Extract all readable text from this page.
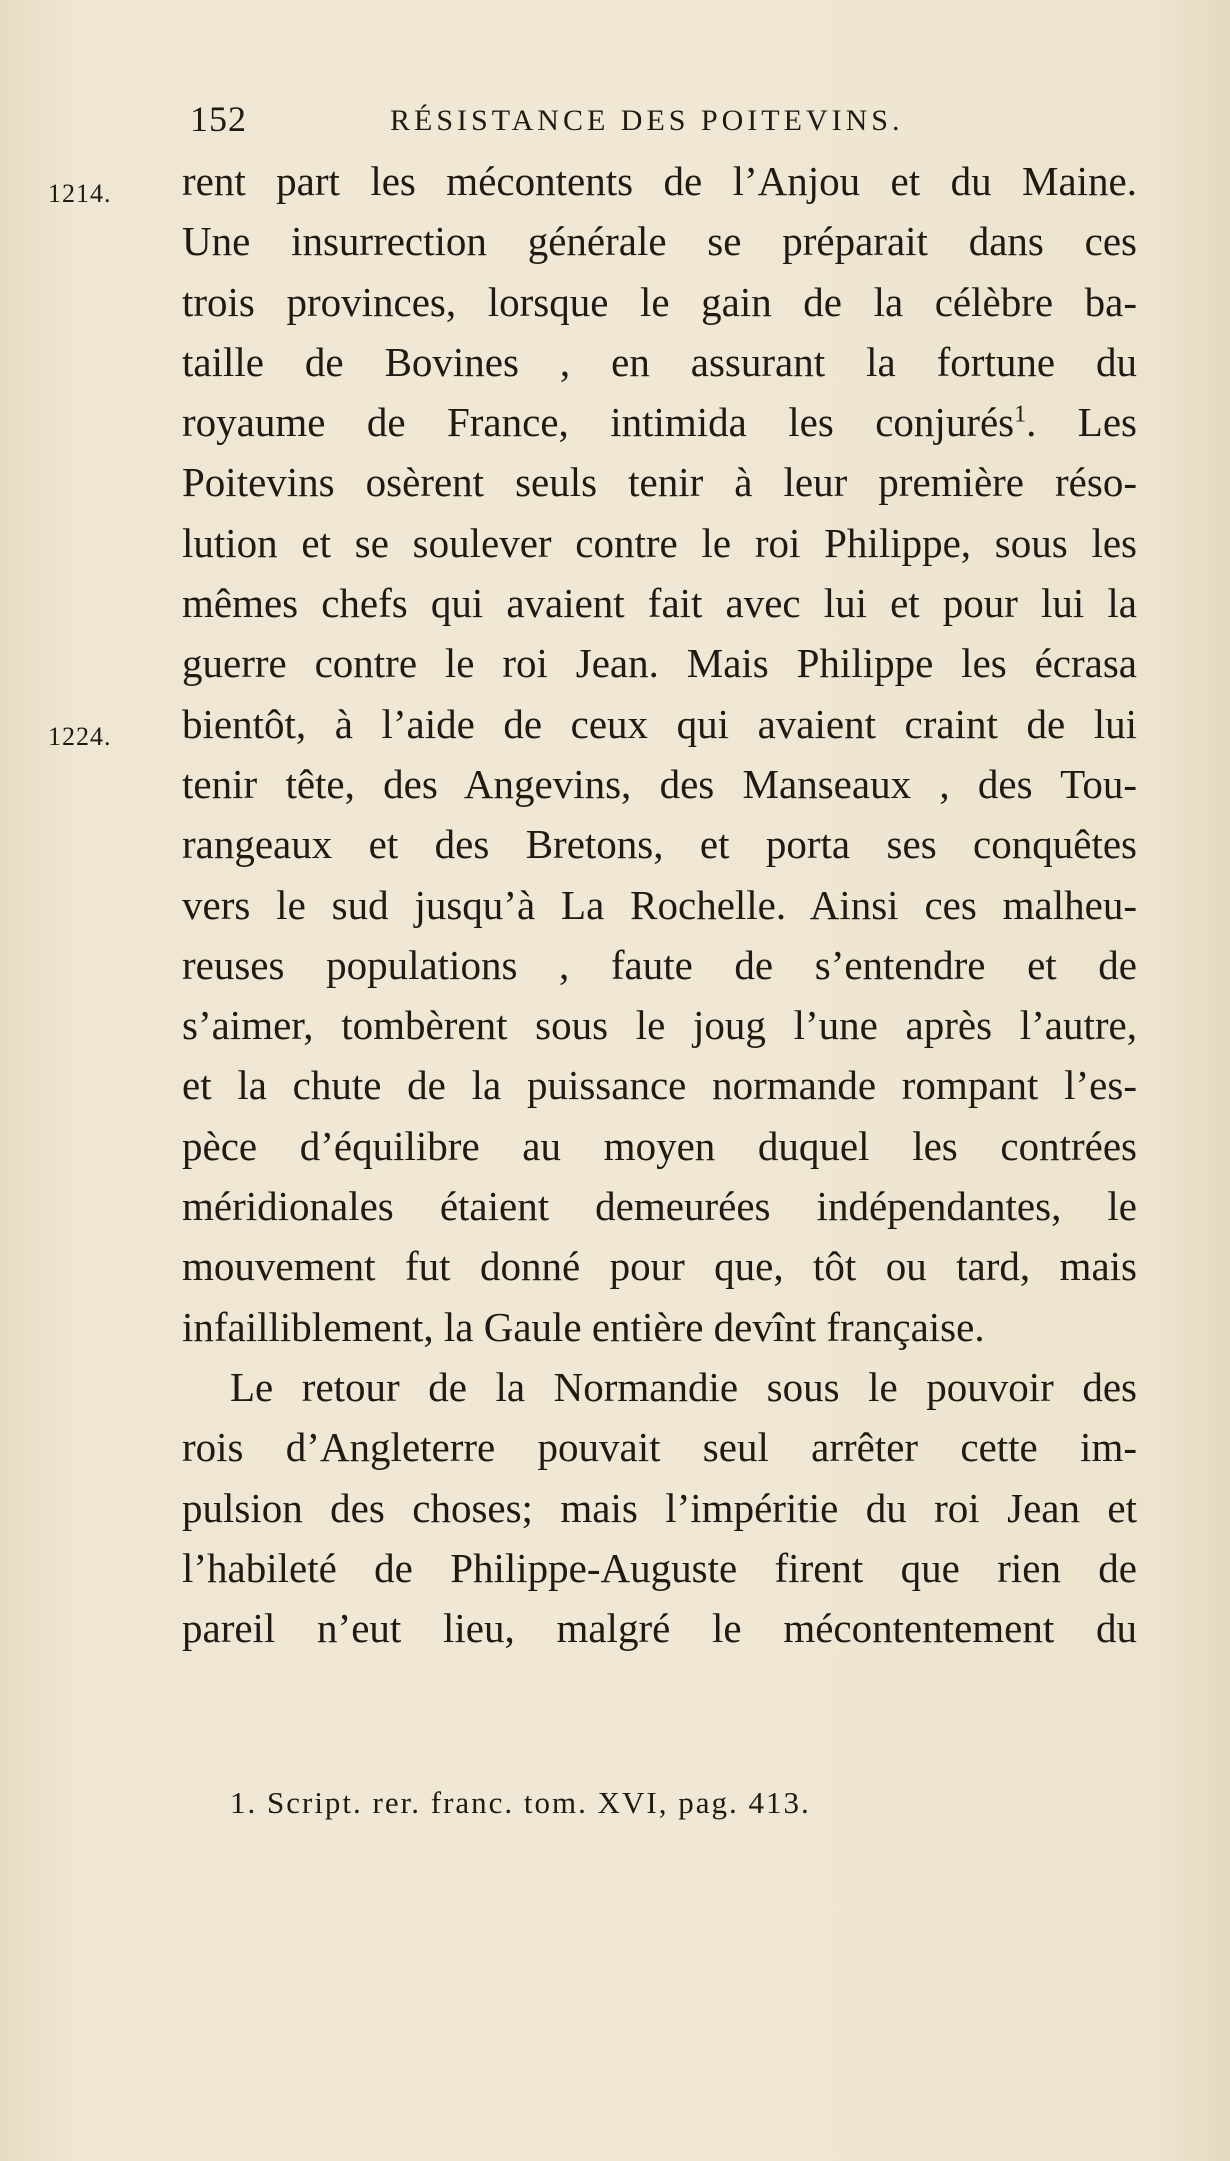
152	RÉSISTANCE DES POITEVINS.
1214. rent part les mécontents de l’Anjou et du Maine.
Une insurrection générale se préparait dans ces
trois provinces, lorsque le gain de la célèbre ba-
taille de Bovines , en assurant la fortune du
royaume de France, intimida les conjurés$^1$. Les
Poitevins osèrent seuls tenir à leur première réso-
lution et se soulever contre le roi Philippe, sous les
mêmes chefs qui avaient fait avec lui et pour lui la
guerre contre le roi Jean. Mais Philippe les écrasa
1224. bientôt, à l’aide de ceux qui avaient craint de lui
tenir tête, des Angevins, des Manseaux , des Tou-
rangeaux et des Bretons, et porta ses conquêtes
vers le sud jusqu’à La Rochelle. Ainsi ces malheu-
reuses populations , faute de s’entendre et de
s’aimer, tombèrent sous le joug l’une après l’autre,
et la chute de la puissance normande rompant l’es-
pèce d’équilibre au moyen duquel les contrées
méridionales étaient demeurées indépendantes, le
mouvement fut donné pour que, tôt ou tard, mais
infailliblement, la Gaule entière devînt française.
Le retour de la Normandie sous le pouvoir des
rois d’Angleterre pouvait seul arrêter cette im-
pulsion des choses; mais l’impéritie du roi Jean et
l’habileté de Philippe-Auguste firent que rien de
pareil n’eut lieu, malgré le mécontentement du
1. Script. rer. franc. tom. XVI, pag. 413.
